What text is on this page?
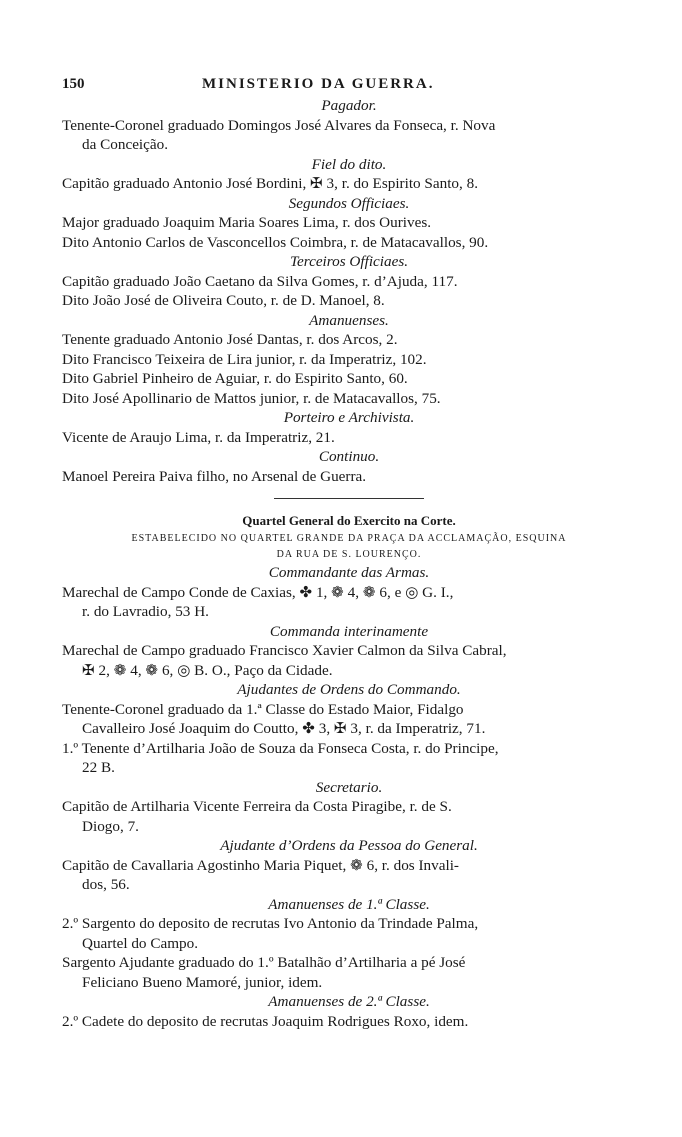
150	MINISTERIO DA GUERRA.
Pagador.
Tenente-Coronel graduado Domingos José Alvares da Fonseca, r. Nova
da Conceição.
Fiel do dito.
Capitão graduado Antonio José Bordini, ✠ 3, r. do Espirito Santo, 8.
Segundos Officiaes.
Major graduado Joaquim Maria Soares Lima, r. dos Ourives.
Dito Antonio Carlos de Vasconcellos Coimbra, r. de Matacavallos, 90.
Terceiros Officiaes.
Capitão graduado João Caetano da Silva Gomes, r. d’Ajuda, 117.
Dito João José de Oliveira Couto, r. de D. Manoel, 8.
Amanuenses.
Tenente graduado Antonio José Dantas, r. dos Arcos, 2.
Dito Francisco Teixeira de Lira junior, r. da Imperatriz, 102.
Dito Gabriel Pinheiro de Aguiar, r. do Espirito Santo, 60.
Dito José Apollinario de Mattos junior, r. de Matacavallos, 75.
Porteiro e Archivista.
Vicente de Araujo Lima, r. da Imperatriz, 21.
Continuo.
Manoel Pereira Paiva filho, no Arsenal de Guerra.
Quartel General do Exercito na Corte.
ESTABELECIDO NO QUARTEL GRANDE DA PRAÇA DA ACCLAMAÇÃO, ESQUINA
DA RUA DE S. LOURENÇO.
Commandante das Armas.
Marechal de Campo Conde de Caxias, ✤ 1, ❁ 4, ❁ 6, e ◎ G. I.,
r. do Lavradio, 53 H.
Commanda interinamente
Marechal de Campo graduado Francisco Xavier Calmon da Silva Cabral,
✠ 2, ❁ 4, ❁ 6, ◎ B. O., Paço da Cidade.
Ajudantes de Ordens do Commando.
Tenente-Coronel graduado da 1.ª Classe do Estado Maior, Fidalgo
Cavalleiro José Joaquim do Coutto, ✤ 3, ✠ 3, r. da Imperatriz, 71.
1.º Tenente d’Artilharia João de Souza da Fonseca Costa, r. do Principe,
22 B.
Secretario.
Capitão de Artilharia Vicente Ferreira da Costa Piragibe, r. de S.
Diogo, 7.
Ajudante d’Ordens da Pessoa do General.
Capitão de Cavallaria Agostinho Maria Piquet, ❁ 6, r. dos Invali-
dos, 56.
Amanuenses de 1.ª Classe.
2.º Sargento do deposito de recrutas Ivo Antonio da Trindade Palma,
Quartel do Campo.
Sargento Ajudante graduado do 1.º Batalhão d’Artilharia a pé José
Feliciano Bueno Mamoré, junior, idem.
Amanuenses de 2.ª Classe.
2.º Cadete do deposito de recrutas Joaquim Rodrigues Roxo, idem.
